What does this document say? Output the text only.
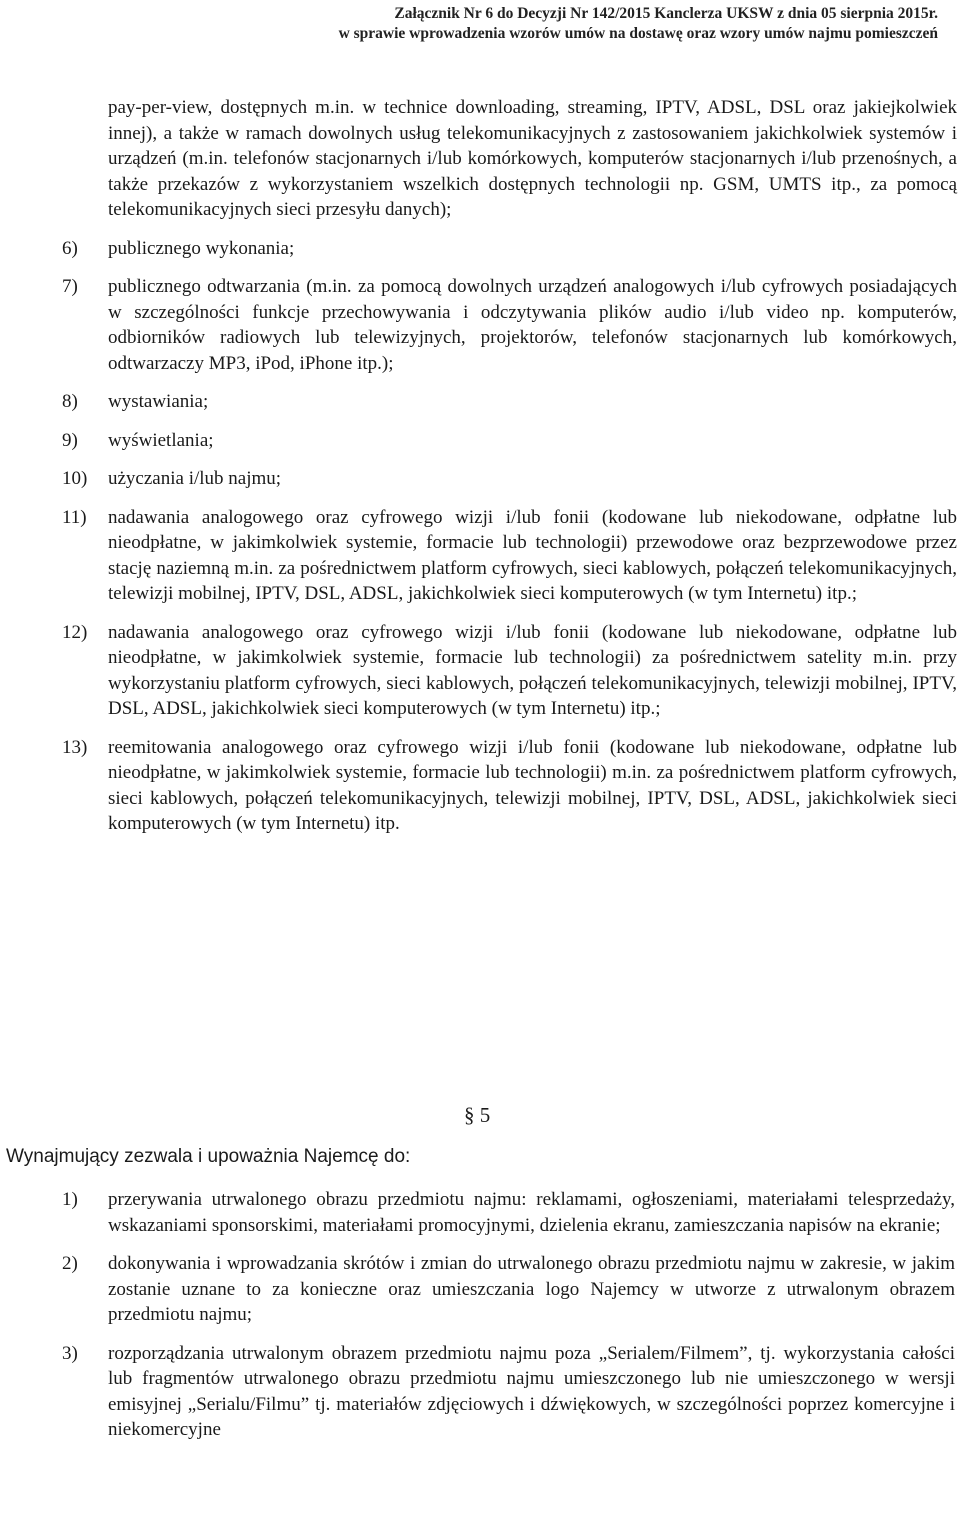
Załącznik Nr 6 do Decyzji Nr 142/2015 Kanclerza UKSW z dnia 05 sierpnia 2015r.
w sprawie wprowadzenia wzorów umów na dostawę oraz wzory umów najmu pomieszczeń

pay-per-view, dostępnych m.in. w technice downloading, streaming, IPTV, ADSL, DSL oraz jakiejkolwiek innej), a także w ramach dowolnych usług telekomunikacyjnych z zastosowaniem jakichkolwiek systemów i urządzeń (m.in. telefonów stacjonarnych i/lub komórkowych, komputerów stacjonarnych i/lub przenośnych, a także przekazów z wykorzystaniem wszelkich dostępnych technologii np. GSM, UMTS itp., za pomocą telekomunikacyjnych sieci przesyłu danych);

6)	publicznego wykonania;
7)	publicznego odtwarzania (m.in. za pomocą dowolnych urządzeń analogowych i/lub cyfrowych posiadających w szczególności funkcje przechowywania i odczytywania plików audio i/lub video np. komputerów, odbiorników radiowych lub telewizyjnych, projektorów, telefonów stacjonarnych lub komórkowych, odtwarzaczy MP3, iPod, iPhone itp.);
8)	wystawiania;
9)	wyświetlania;
10)	użyczania i/lub najmu;
11)	nadawania analogowego oraz cyfrowego wizji i/lub fonii (kodowane lub niekodowane, odpłatne lub nieodpłatne, w jakimkolwiek systemie, formacie lub technologii) przewodowe oraz bezprzewodowe przez stację naziemną m.in. za pośrednictwem platform cyfrowych, sieci kablowych, połączeń telekomunikacyjnych, telewizji mobilnej, IPTV, DSL, ADSL, jakichkolwiek sieci komputerowych (w tym Internetu) itp.;
12)	nadawania analogowego oraz cyfrowego wizji i/lub fonii (kodowane lub niekodowane, odpłatne lub nieodpłatne, w jakimkolwiek systemie, formacie lub technologii) za pośrednictwem satelity m.in. przy wykorzystaniu platform cyfrowych, sieci kablowych, połączeń telekomunikacyjnych, telewizji mobilnej, IPTV, DSL, ADSL, jakichkolwiek sieci komputerowych (w tym Internetu) itp.;
13)	reemitowania analogowego oraz cyfrowego wizji i/lub fonii (kodowane lub niekodowane, odpłatne lub nieodpłatne, w jakimkolwiek systemie, formacie lub technologii) m.in. za pośrednictwem platform cyfrowych, sieci kablowych, połączeń telekomunikacyjnych, telewizji mobilnej, IPTV, DSL, ADSL, jakichkolwiek sieci komputerowych (w tym Internetu) itp.
§ 5
Wynajmujący zezwala i upoważnia Najemcę do:
1)	przerywania utrwalonego obrazu przedmiotu najmu: reklamami, ogłoszeniami, materiałami telesprzedaży, wskazaniami sponsorskimi, materiałami promocyjnymi, dzielenia ekranu, zamieszczania napisów na ekranie;
2)	dokonywania i wprowadzania skrótów i zmian do utrwalonego obrazu przedmiotu najmu w zakresie, w jakim zostanie uznane to za konieczne oraz umieszczania logo Najemcy w utworze z utrwalonym obrazem przedmiotu najmu;
3)	rozporządzania utrwalonym obrazem przedmiotu najmu poza „Serialem/Filmem”, tj. wykorzystania całości lub fragmentów utrwalonego obrazu przedmiotu najmu umieszczonego lub nie umieszczonego w wersji emisyjnej „Serialu/Filmu” tj. materiałów zdjęciowych i dźwiękowych, w szczególności poprzez komercyjne i niekomercyjne
